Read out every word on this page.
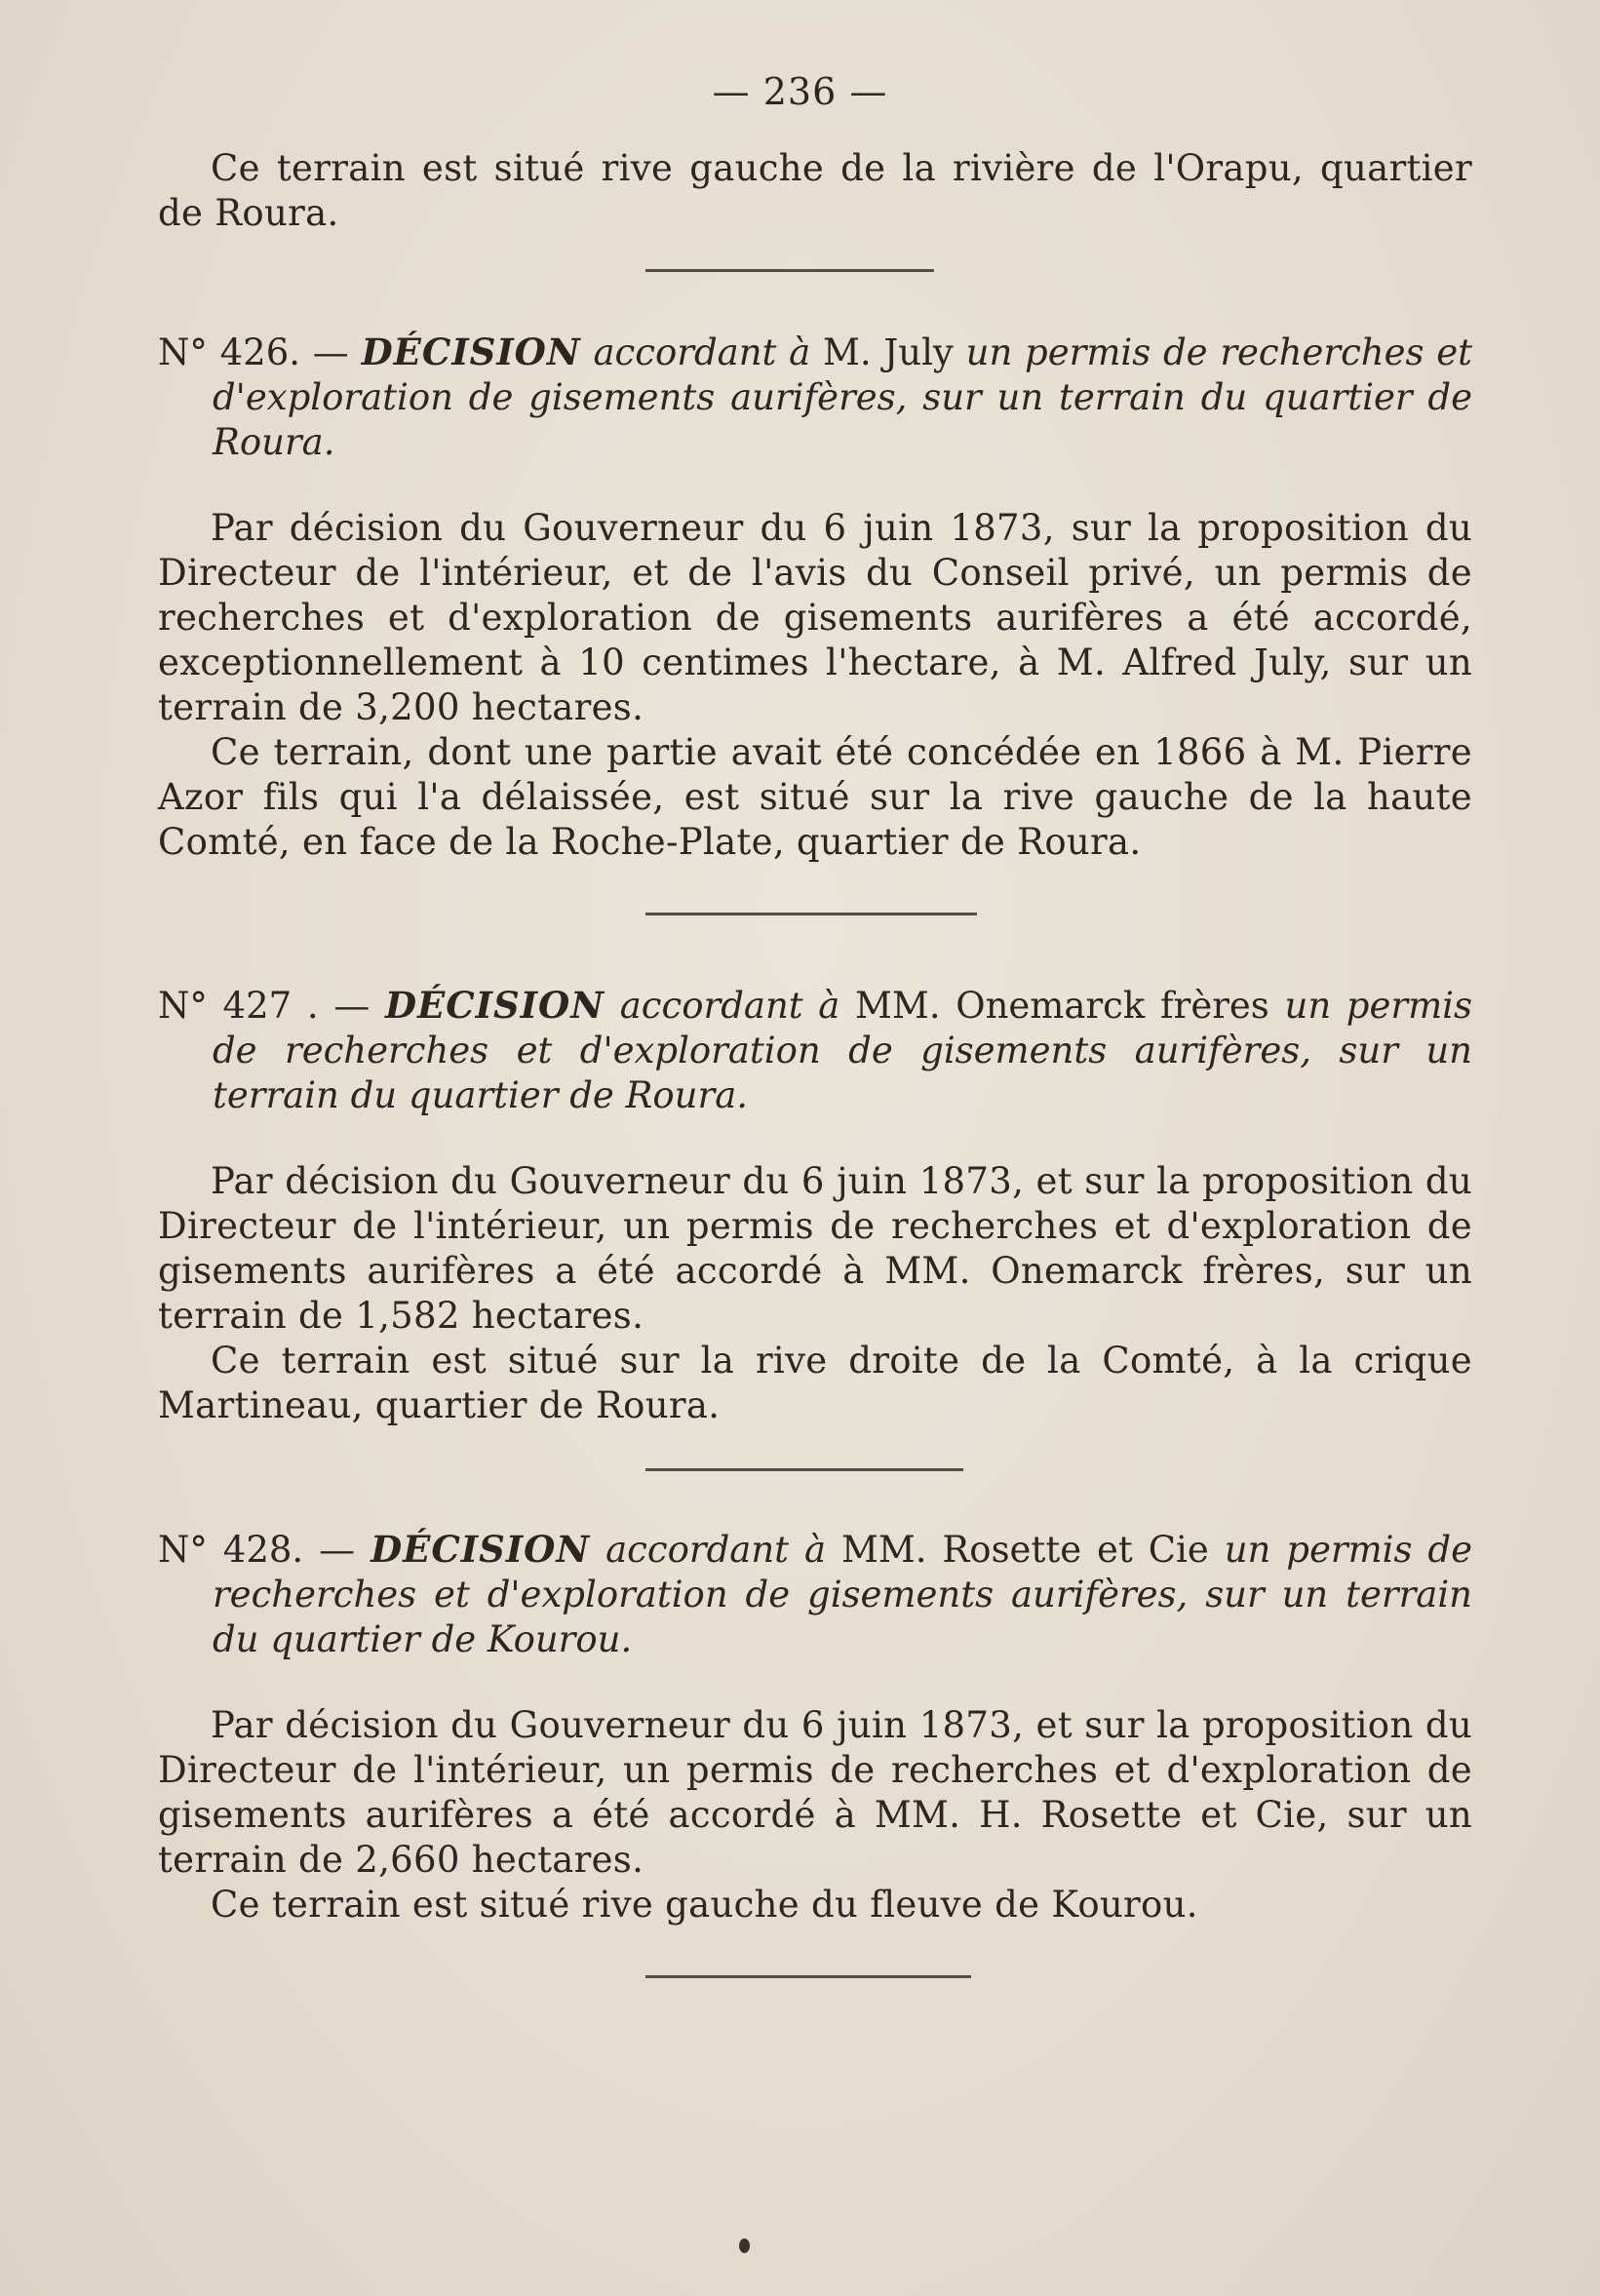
— 236 —

Ce terrain est situé rive gauche de la rivière de l'Orapu, quartier de Roura.

N° 426. — DÉCISION accordant à M. July un permis de recherches et d'exploration de gisements aurifères, sur un terrain du quartier de Roura.

Par décision du Gouverneur du 6 juin 1873, sur la proposition du Directeur de l'intérieur, et de l'avis du Conseil privé, un permis de recherches et d'exploration de gisements aurifères a été accordé, exceptionnellement à 10 centimes l'hectare, à M. Alfred July, sur un terrain de 3,200 hectares.

Ce terrain, dont une partie avait été concédée en 1866 à M. Pierre Azor fils qui l'a délaissée, est situé sur la rive gauche de la haute Comté, en face de la Roche-Plate, quartier de Roura.

N° 427 . — DÉCISION accordant à MM. Onemarck frères un permis de recherches et d'exploration de gisements aurifères, sur un terrain du quartier de Roura.

Par décision du Gouverneur du 6 juin 1873, et sur la proposition du Directeur de l'intérieur, un permis de recherches et d'exploration de gisements aurifères a été accordé à MM. Onemarck frères, sur un terrain de 1,582 hectares.

Ce terrain est situé sur la rive droite de la Comté, à la crique Martineau, quartier de Roura.

N° 428. — DÉCISION accordant à MM. Rosette et Cie un permis de recherches et d'exploration de gisements aurifères, sur un terrain du quartier de Kourou.

Par décision du Gouverneur du 6 juin 1873, et sur la proposition du Directeur de l'intérieur, un permis de recherches et d'exploration de gisements aurifères a été accordé à MM. H. Rosette et Cie, sur un terrain de 2,660 hectares.

Ce terrain est situé rive gauche du fleuve de Kourou.
